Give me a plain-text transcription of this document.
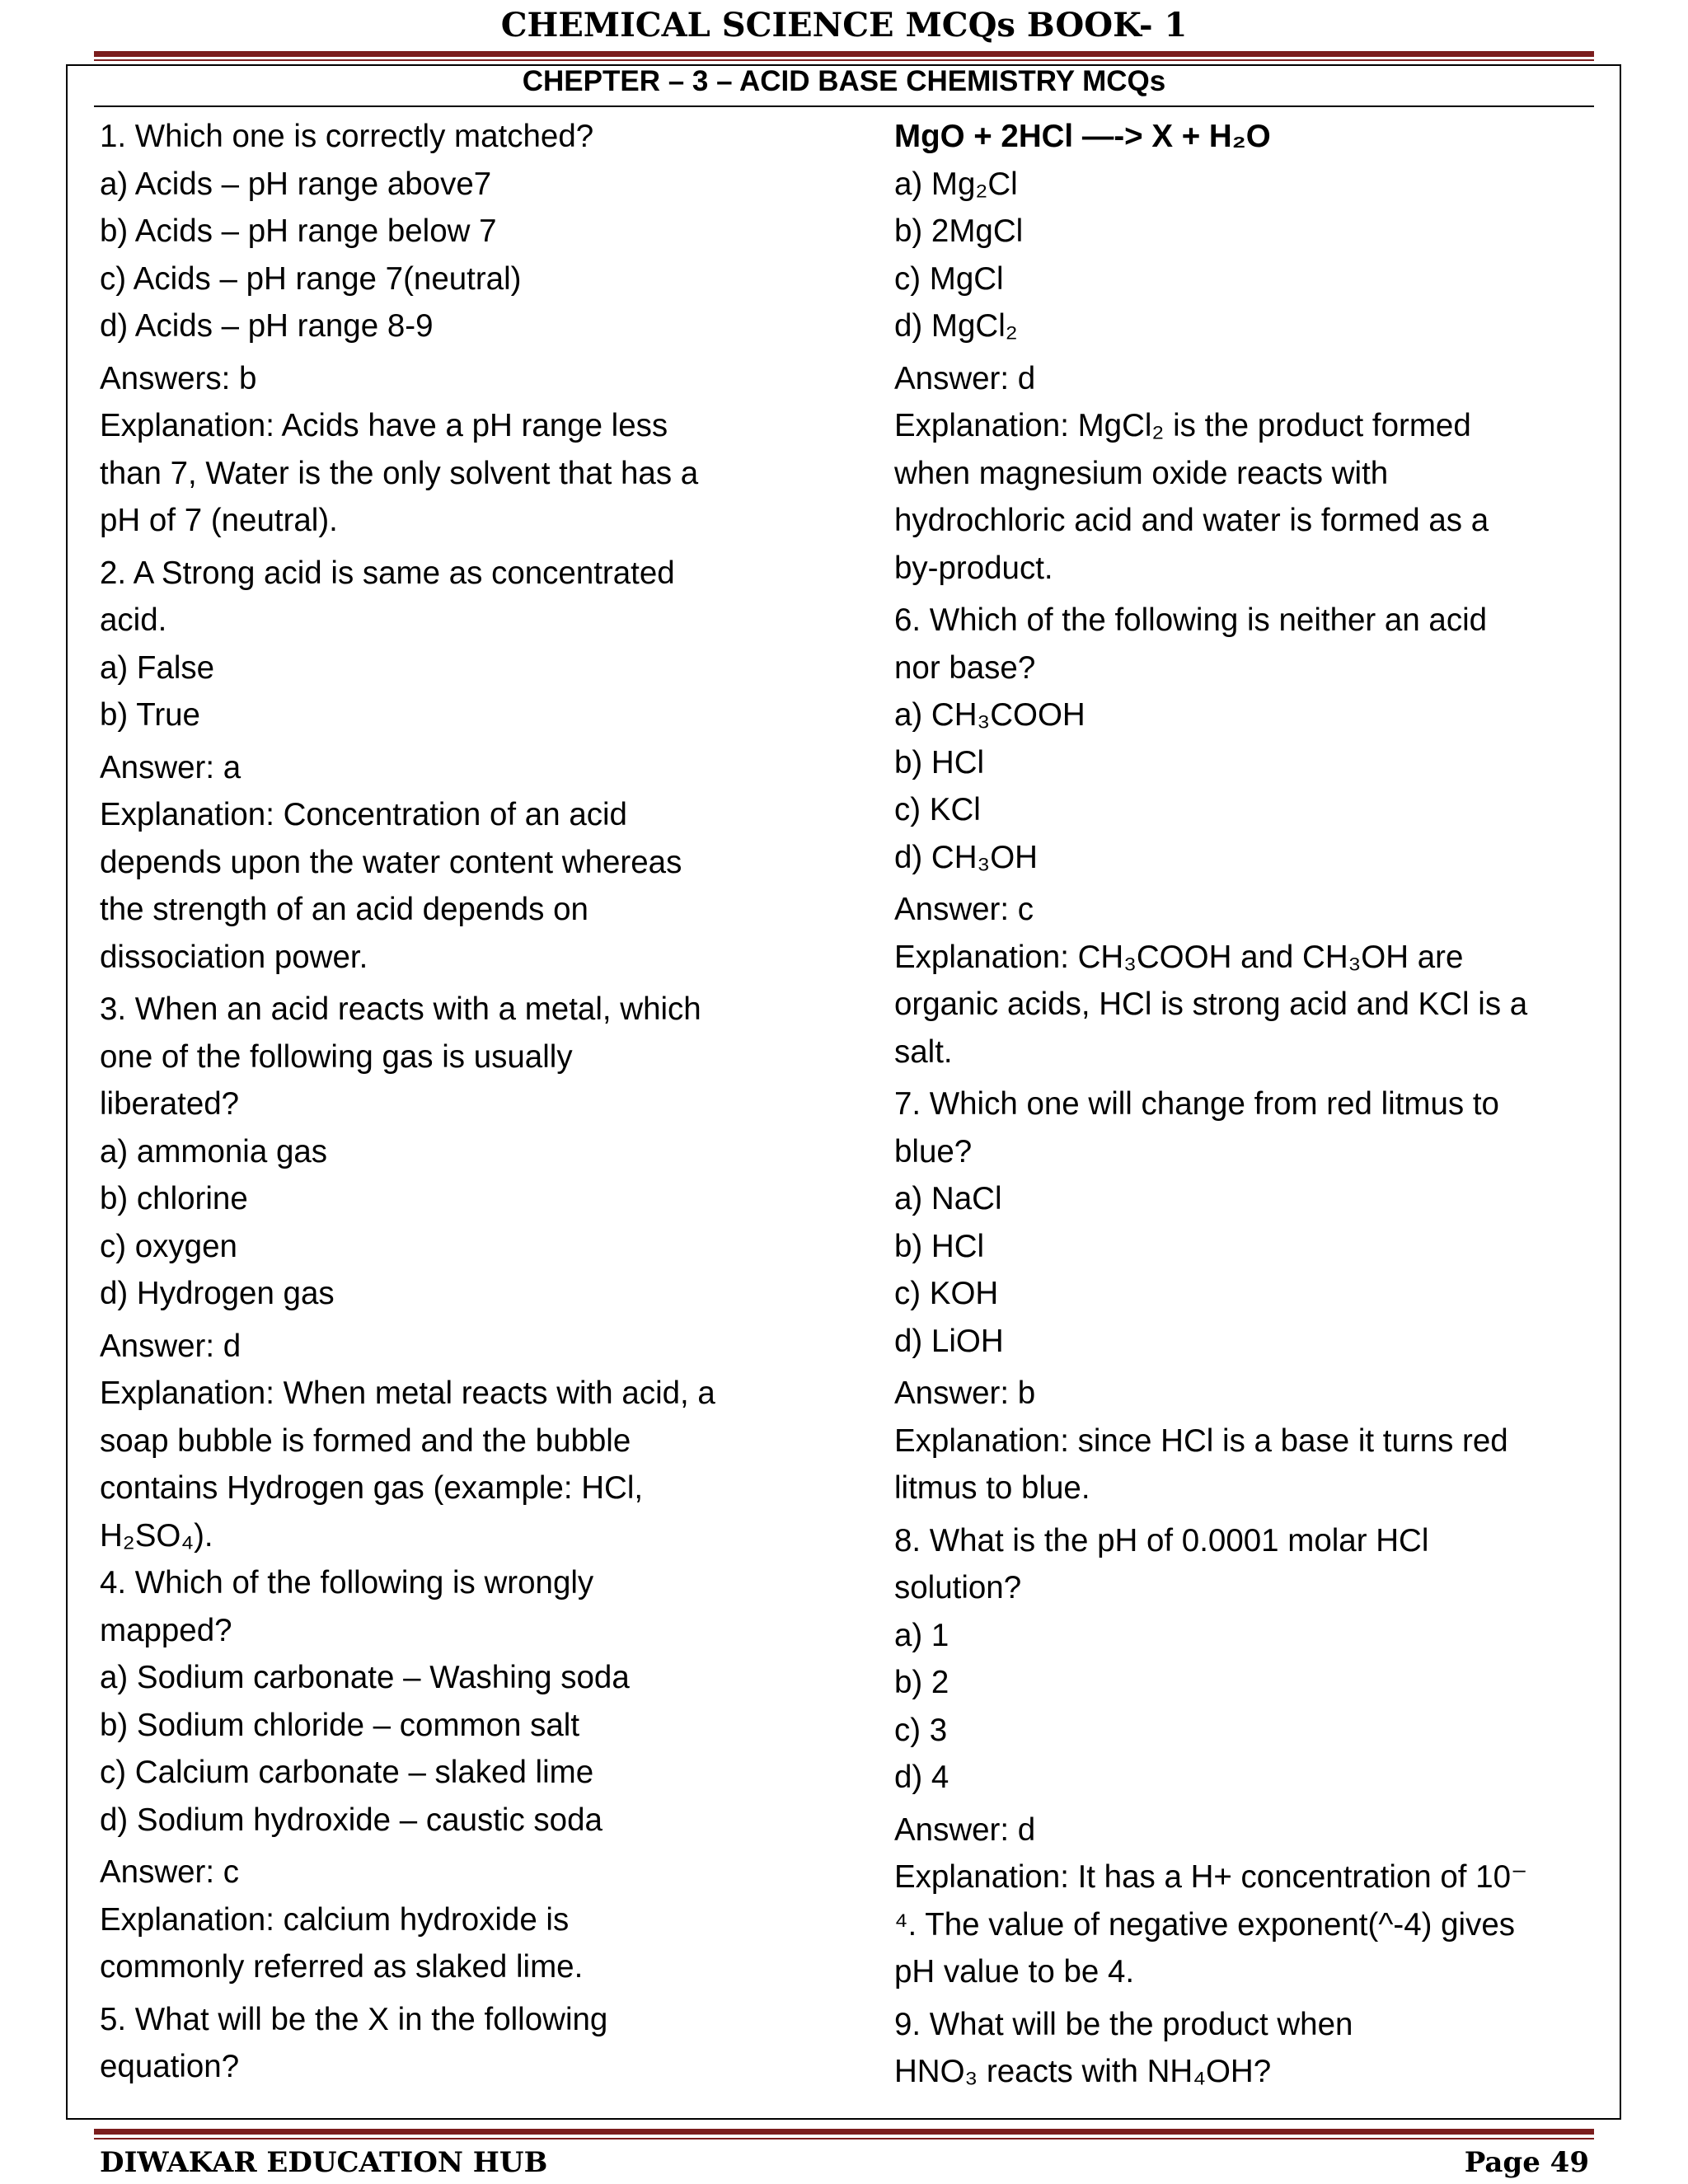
CHEMICAL SCIENCE MCQs BOOK- 1
CHEPTER – 3 – ACID BASE CHEMISTRY MCQs
1. Which one is correctly matched?
a) Acids – pH range above7
b) Acids – pH range below 7
c) Acids – pH range 7(neutral)
d) Acids – pH range 8-9
Answers: b
Explanation: Acids have a pH range less
than 7, Water is the only solvent that has a
pH of 7 (neutral).
2. A Strong acid is same as concentrated
acid.
a) False
b) True
Answer: a
Explanation: Concentration of an acid
depends upon the water content whereas
the strength of an acid depends on
dissociation power.
3. When an acid reacts with a metal, which
one of the following gas is usually
liberated?
a) ammonia gas
b) chlorine
c) oxygen
d) Hydrogen gas
Answer: d
Explanation: When metal reacts with acid, a
soap bubble is formed and the bubble
contains Hydrogen gas (example: HCl,
H₂SO₄).
4. Which of the following is wrongly
mapped?
a) Sodium carbonate – Washing soda
b) Sodium chloride – common salt
c) Calcium carbonate – slaked lime
d) Sodium hydroxide – caustic soda
Answer: c
Explanation: calcium hydroxide is
commonly referred as slaked lime.
5. What will be the X in the following
equation?
MgO + 2HCl —-> X + H₂O
a) Mg₂Cl
b) 2MgCl
c) MgCl
d) MgCl₂
Answer: d
Explanation: MgCl₂ is the product formed
when magnesium oxide reacts with
hydrochloric acid and water is formed as a
by-product.
6. Which of the following is neither an acid
nor base?
a) CH₃COOH
b) HCl
c) KCl
d) CH₃OH
Answer: c
Explanation: CH₃COOH and CH₃OH are
organic acids, HCl is strong acid and KCl is a
salt.
7. Which one will change from red litmus to
blue?
a) NaCl
b) HCl
c) KOH
d) LiOH
Answer: b
Explanation: since HCl is a base it turns red
litmus to blue.
8. What is the pH of 0.0001 molar HCl
solution?
a) 1
b) 2
c) 3
d) 4
Answer: d
Explanation: It has a H+ concentration of 10⁻
⁴. The value of negative exponent(^-4) gives
pH value to be 4.
9. What will be the product when
HNO₃ reacts with NH₄OH?
DIWAKAR EDUCATION HUB	Page 49
